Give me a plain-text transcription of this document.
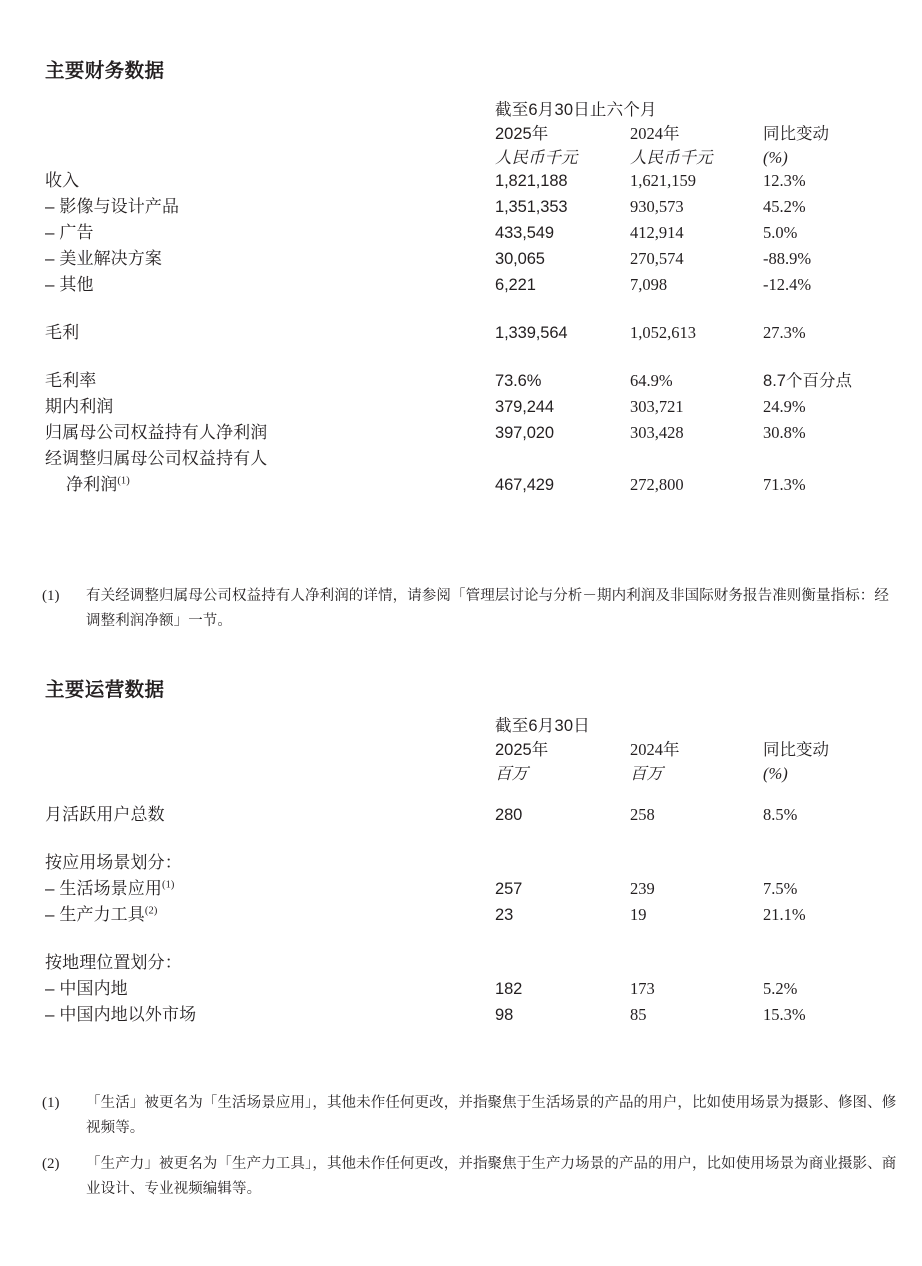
主要财务数据
	截至6月30日止六个月		
	2025年	2024年	同比变动
	人民币千元	人民币千元	(%)
收入	1,821,188	1,621,159	12.3%
– 影像与设计产品	1,351,353	930,573	45.2%
– 广告	433,549	412,914	5.0%
– 美业解决方案	30,065	270,574	-88.9%
– 其他	6,221	7,098	-12.4%
毛利	1,339,564	1,052,613	27.3%
毛利率	73.6%	64.9%	8.7个百分点
期内利润	379,244	303,721	24.9%
归属母公司权益持有人净利润	397,020	303,428	30.8%
经调整归属母公司权益持有人			
净利润$^{(1)}$	467,429	272,800	71.3%
(1)	有关经调整归属母公司权益持有人净利润的详情，请参阅「管理层讨论与分析－期内利润及非国际财务报告准则衡量指标：经调整利润净额」一节。
主要运营数据
	截至6月30日		
	2025年	2024年	同比变动
	百万	百万	(%)
月活跃用户总数	280	258	8.5%
按应用场景划分：			
– 生活场景应用$^{(1)}$	257	239	7.5%
– 生产力工具$^{(2)}$	23	19	21.1%
按地理位置划分：			
– 中国内地	182	173	5.2%
– 中国内地以外市场	98	85	15.3%
(1)	「生活」被更名为「生活场景应用」，其他未作任何更改，并指聚焦于生活场景的产品的用户，比如使用场景为摄影、修图、修视频等。
(2)	「生产力」被更名为「生产力工具」，其他未作任何更改，并指聚焦于生产力场景的产品的用户，比如使用场景为商业摄影、商业设计、专业视频编辑等。
